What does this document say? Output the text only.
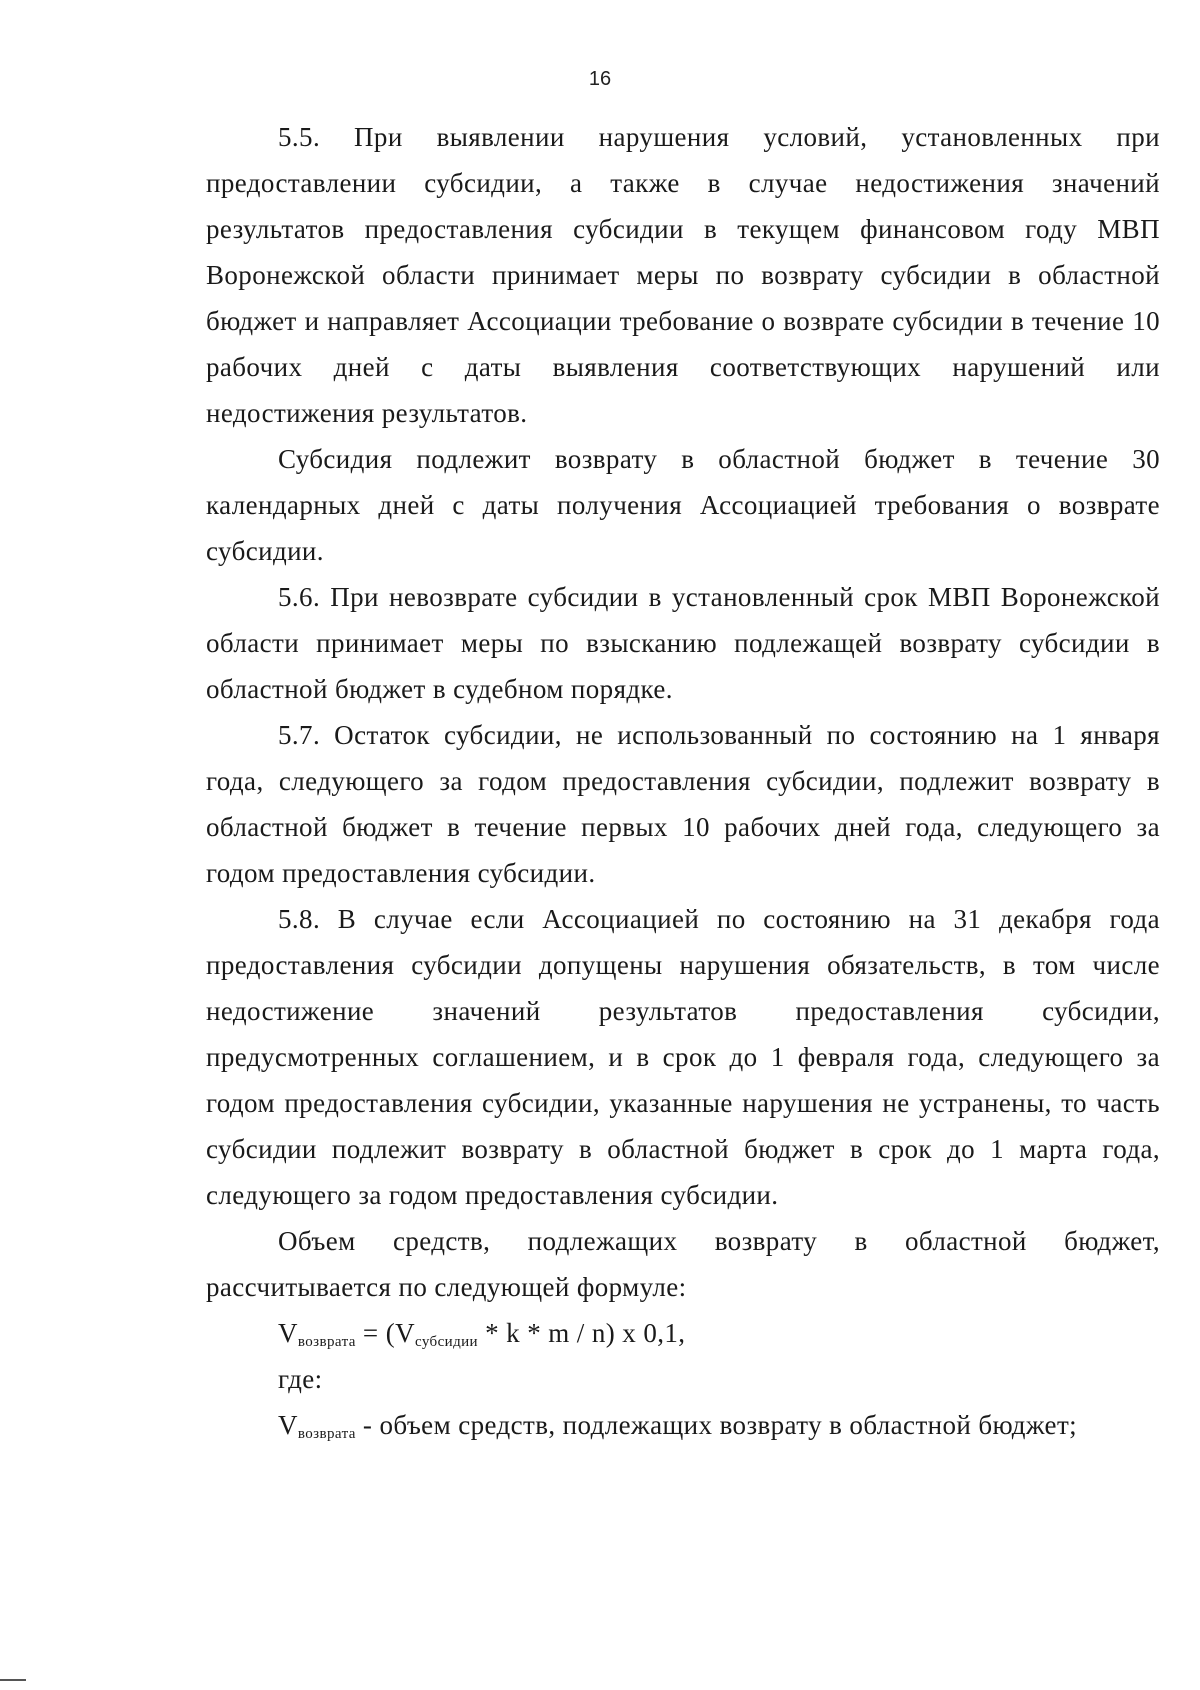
16

5.5. При выявлении нарушения условий, установленных при предоставлении субсидии, а также в случае недостижения значений результатов предоставления субсидии в текущем финансовом году МВП Воронежской области принимает меры по возврату субсидии в областной бюджет и направляет Ассоциации требование о возврате субсидии в течение 10 рабочих дней с даты выявления соответствующих нарушений или недостижения результатов.

Субсидия подлежит возврату в областной бюджет в течение 30 календарных дней с даты получения Ассоциацией требования о возврате субсидии.

5.6. При невозврате субсидии в установленный срок МВП Воронежской области принимает меры по взысканию подлежащей возврату субсидии в областной бюджет в судебном порядке.

5.7. Остаток субсидии, не использованный по состоянию на 1 января года, следующего за годом предоставления субсидии, подлежит возврату в областной бюджет в течение первых 10 рабочих дней года, следующего за годом предоставления субсидии.

5.8. В случае если Ассоциацией по состоянию на 31 декабря года предоставления субсидии допущены нарушения обязательств, в том числе недостижение значений результатов предоставления субсидии, предусмотренных соглашением, и в срок до 1 февраля года, следующего за годом предоставления субсидии, указанные нарушения не устранены, то часть субсидии подлежит возврату в областной бюджет в срок до 1 марта года, следующего за годом предоставления субсидии.

Объем средств, подлежащих возврату в областной бюджет, рассчитывается по следующей формуле:

$V_{возврата} = (V_{субсидии} * k * m / n)$ x 0,1,

где:

$V_{возврата}$ - объем средств, подлежащих возврату в областной бюджет;
